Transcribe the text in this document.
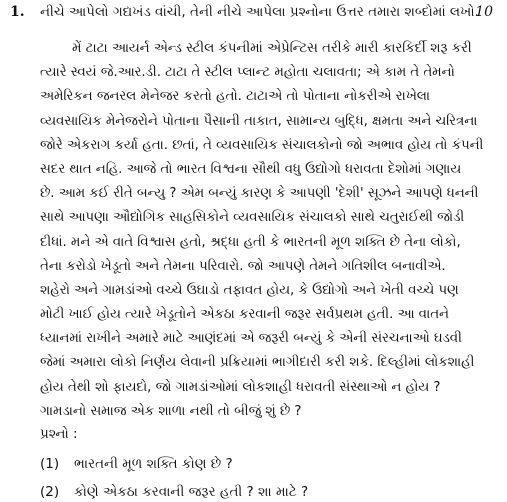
1. નીચે આપેલો ગદ્યખંડ વાંચી, તેની નીચે આપેલા પ્રશ્નોના ઉત્તર તમારા શબ્દોમાં લખો.
10
મેં ટાટા આયર્ન એન્ડ સ્ટીલ કંપનીમાં એપ્રેન્ટિસ તરીકે મારી કારકિર્દી શરૂ કરી
ત્યારે સ્વયં જે.આર.ડી. ટાટા તે સ્ટીલ પ્લાન્ટ મહોતા ચલાવતા; એ કામ તે તેમનો
અમેરિકન જનરલ મેનેજર કરતો હતો. ટાટાએ તો પોતાના નોકરીએ રાખેલા
વ્યવસાયિક મેનેજરોને પોતાના પૈસાની તાકાત, સામાન્ય બુદ્ધિ, ક્ષમતા અને ચરિત્રના
જોરે એકરાગ કર્યા હતા. છતાં, તે વ્યવસાયિક સંચાલકોનો જો અભાવ હોય તો કંપની
સદર થાત નહિ. આજે તો ભારત વિશ્વના સૌથી વધુ ઉદ્યોગો ધરાવતા દેશોમાં ગણાય
છે. આમ કઈ રીતે બન્યુ ? એમ બન્યું કારણ કે આપણી 'દેશી' સૂઝને આપણે ધનની
સાથે આપણા ઔદ્યોગિક સાહસિકોને વ્યવસાયિક સંચાલકો સાથે ચતુરાઈથી જોડી
દીધાં. મને એ વાતે વિશ્વાસ હતો, શ્રદ્ધા હતી કે ભારતની મૂળ શક્તિ છે તેના લોકો,
તેના કરોડો ખેડૂતો અને તેમના પરિવારો. જો આપણે તેમને ગતિશીલ બનાવીએ.
શહેરો અને ગામડાંઓ વચ્ચે ઉઘાડો તફાવત હોય, કે ઉદ્યોગો અને ખેતી વચ્ચે પણ
મોટી ખાઈ હોય ત્યારે ખેડૂતોને એકઠા કરવાની જરૂર સર્વપ્રથમ હતી. આ વાતને
ધ્યાનમાં રાખીને અમારે માટે આણંદમાં એ જરૂરી બન્યું કે એની સંરચનાઓ ઘડવી
જેમાં અમારા લોકો નિર્ણય લેવાની પ્રક્રિયામાં ભાગીદારી કરી શકે. દિલ્હીમાં લોકશાહી
હોય તેથી શો ફાયદો, જો ગામડાંઓમાં લોકશાહી ધરાવતી સંસ્થાઓ ન હોય ?
ગામડાનો સમાજ એક શાળા નથી તો બીજું શું છે ?
પ્રશ્નો :
(1) ભારતની મૂળ શક્તિ કોણ છે ?
(2) કોણે એકઠા કરવાની જરૂર હતી ? શા માટે ?
